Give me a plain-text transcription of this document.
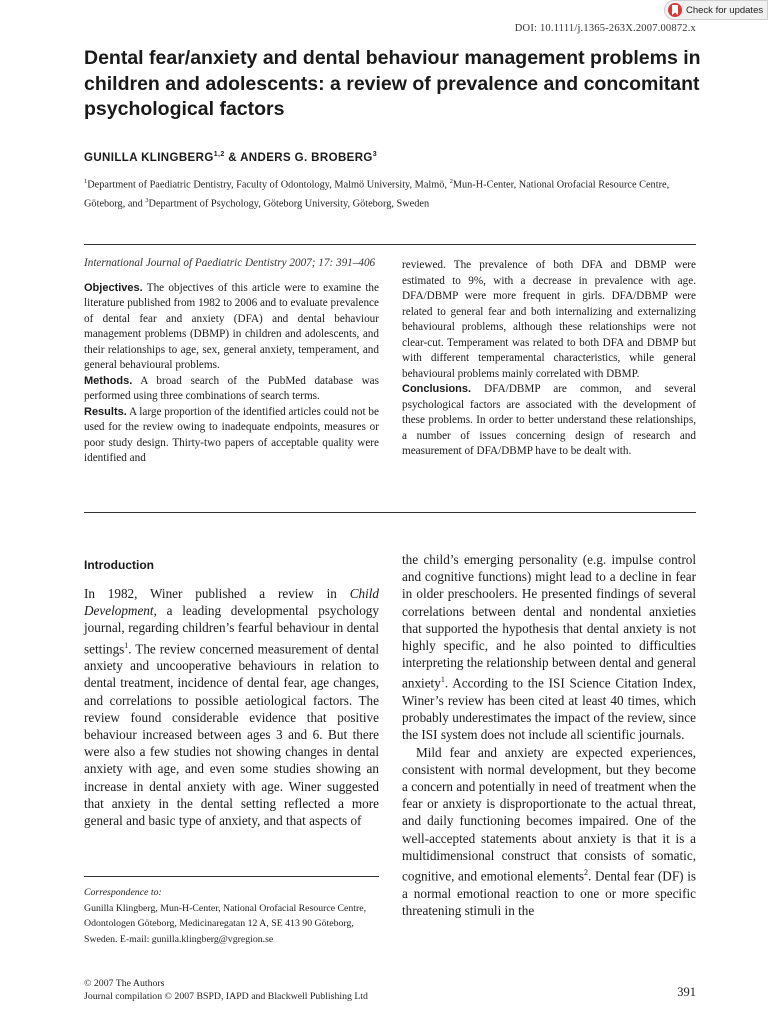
Check for updates
DOI: 10.1111/j.1365-263X.2007.00872.x
Dental fear/anxiety and dental behaviour management problems in children and adolescents: a review of prevalence and concomitant psychological factors
GUNILLA KLINGBERG$^{1,2}$ & ANDERS G. BROBERG$^3$
$^1$Department of Paediatric Dentistry, Faculty of Odontology, Malmö University, Malmö, $^2$Mun-H-Center, National Orofacial Resource Centre, Göteborg, and $^3$Department of Psychology, Göteborg University, Göteborg, Sweden

International Journal of Paediatric Dentistry 2007; 17: 391–406

Objectives. The objectives of this article were to examine the literature published from 1982 to 2006 and to evaluate prevalence of dental fear and anxiety (DFA) and dental behaviour management problems (DBMP) in children and adolescents, and their relationships to age, sex, general anxiety, temperament, and general behavioural problems.

Methods. A broad search of the PubMed database was performed using three combinations of search terms.

Results. A large proportion of the identified articles could not be used for the review owing to inadequate endpoints, measures or poor study design. Thirty-two papers of acceptable quality were identified and

reviewed. The prevalence of both DFA and DBMP were estimated to 9%, with a decrease in prevalence with age. DFA/DBMP were more frequent in girls. DFA/DBMP were related to general fear and both internalizing and externalizing behavioural problems, although these relationships were not clear-cut. Temperament was related to both DFA and DBMP but with different temperamental characteristics, while general behavioural problems mainly correlated with DBMP.

Conclusions. DFA/DBMP are common, and several psychological factors are associated with the development of these problems. In order to better understand these relationships, a number of issues concerning design of research and measurement of DFA/DBMP have to be dealt with.

Introduction

In 1982, Winer published a review in Child Development, a leading developmental psychology journal, regarding children’s fearful behaviour in dental settings$^1$. The review concerned measurement of dental anxiety and uncooperative behaviours in relation to dental treatment, incidence of dental fear, age changes, and correlations to possible aetiological factors. The review found considerable evidence that positive behaviour increased between ages 3 and 6. But there were also a few studies not showing changes in dental anxiety with age, and even some studies showing an increase in dental anxiety with age. Winer suggested that anxiety in the dental setting reflected a more general and basic type of anxiety, and that aspects of

the child’s emerging personality (e.g. impulse control and cognitive functions) might lead to a decline in fear in older preschoolers. He presented findings of several correlations between dental and nondental anxieties that supported the hypothesis that dental anxiety is not highly specific, and he also pointed to difficulties interpreting the relationship between dental and general anxiety$^1$. According to the ISI Science Citation Index, Winer’s review has been cited at least 40 times, which probably underestimates the impact of the review, since the ISI system does not include all scientific journals.

Mild fear and anxiety are expected experiences, consistent with normal development, but they become a concern and potentially in need of treatment when the fear or anxiety is disproportionate to the actual threat, and daily functioning becomes impaired. One of the well-accepted statements about anxiety is that it is a multidimensional construct that consists of somatic, cognitive, and emotional elements$^2$. Dental fear (DF) is a normal emotional reaction to one or more specific threatening stimuli in the

Correspondence to:
Gunilla Klingberg, Mun-H-Center, National Orofacial Resource Centre, Odontologen Göteborg, Medicinaregatan 12 A, SE 413 90 Göteborg, Sweden. E-mail: gunilla.klingberg@vgregion.se
© 2007 The Authors
Journal compilation © 2007 BSPD, IAPD and Blackwell Publishing Ltd	391
